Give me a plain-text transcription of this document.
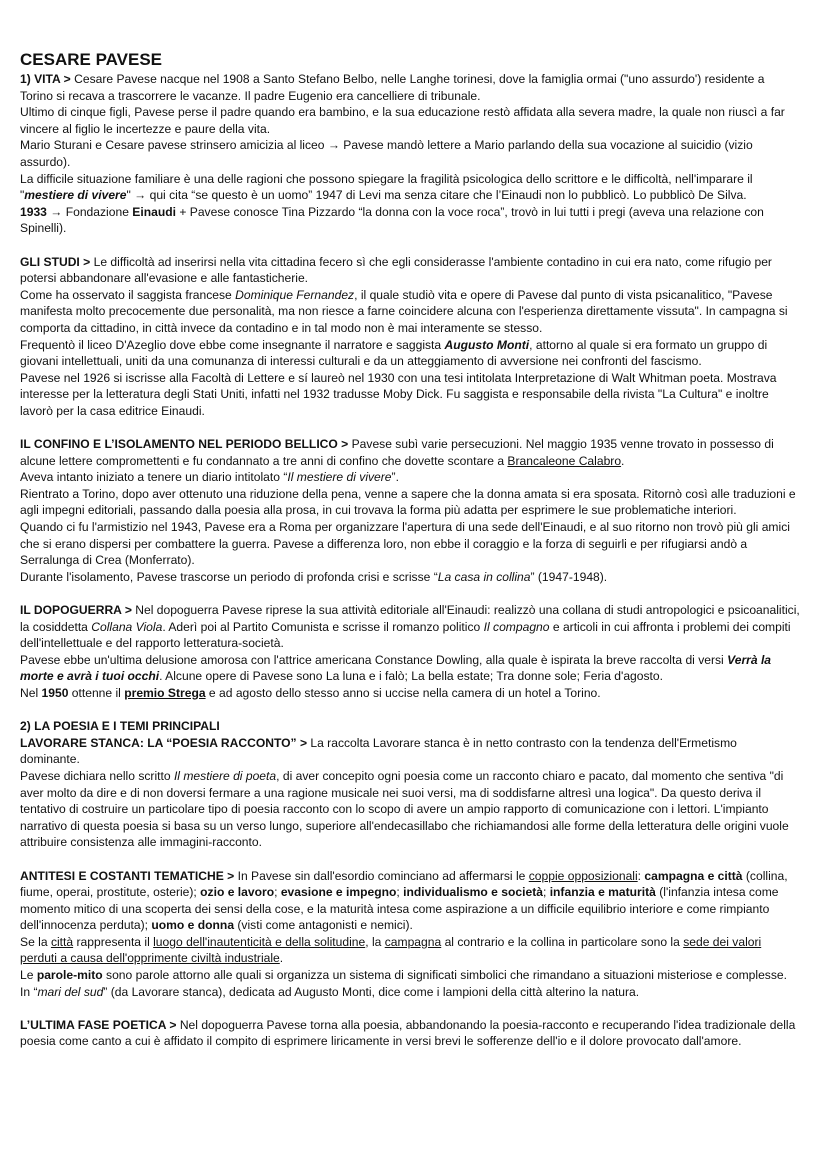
CESARE PAVESE

1) VITA > Cesare Pavese nacque nel 1908 a Santo Stefano Belbo, nelle Langhe torinesi, dove la famiglia ormai ("uno assurdo') residente a Torino si recava a trascorrere le vacanze. Il padre Eugenio era cancelliere di tribunale.

Ultimo di cinque figli, Pavese perse il padre quando era bambino, e la sua educazione restò affidata alla severa madre, la quale non riuscì a far vincere al figlio le incertezze e paure della vita.

Mario Sturani e Cesare pavese strinsero amicizia al liceo → Pavese mandò lettere a Mario parlando della sua vocazione al suicidio (vizio assurdo).

La difficile situazione familiare è una delle ragioni che possono spiegare la fragilità psicologica dello scrittore e le difficoltà, nell'imparare il "mestiere di vivere" → qui cita “se questo è un uomo” 1947 di Levi ma senza citare che l’Einaudi non lo pubblicò. Lo pubblicò De Silva.

1933 → Fondazione Einaudi + Pavese conosce Tina Pizzardo “la donna con la voce roca”, trovò in lui tutti i pregi (aveva una relazione con Spinelli).

GLI STUDI > Le difficoltà ad inserirsi nella vita cittadina fecero sì che egli considerasse l'ambiente contadino in cui era nato, come rifugio per potersi abbandonare all'evasione e alle fantasticherie.

Come ha osservato il saggista francese Dominique Fernandez, il quale studiò vita e opere di Pavese dal punto di vista psicanalitico, "Pavese manifesta molto precocemente due personalità, ma non riesce a farne coincidere alcuna con l'esperienza direttamente vissuta". In campagna si comporta da cittadino, in città invece da contadino e in tal modo non è mai interamente se stesso.

Frequentò il liceo D'Azeglio dove ebbe come insegnante il narratore e saggista Augusto Monti, attorno al quale si era formato un gruppo di giovani intellettuali, uniti da una comunanza di interessi culturali e da un atteggiamento di avversione nei confronti del fascismo.

Pavese nel 1926 si iscrisse alla Facoltà di Lettere e sí laureò nel 1930 con una tesi intitolata Interpretazione di Walt Whitman poeta. Mostrava interesse per la letteratura degli Stati Uniti, infatti nel 1932 tradusse Moby Dick. Fu saggista e responsabile della rivista "La Cultura" e inoltre lavorò per la casa editrice Einaudi.

IL CONFINO E L’ISOLAMENTO NEL PERIODO BELLICO > Pavese subì varie persecuzioni. Nel maggio 1935 venne trovato in possesso di alcune lettere compromettenti e fu condannato a tre anni di confino che dovette scontare a Brancaleone Calabro.

Aveva intanto iniziato a tenere un diario intitolato “Il mestiere di vivere”.

Rientrato a Torino, dopo aver ottenuto una riduzione della pena, venne a sapere che la donna amata si era sposata. Ritornò così alle traduzioni e agli impegni editoriali, passando dalla poesia alla prosa, in cui trovava la forma più adatta per esprimere le sue problematiche interiori.

Quando ci fu l'armistizio nel 1943, Pavese era a Roma per organizzare l'apertura di una sede dell'Einaudi, e al suo ritorno non trovò più gli amici che si erano dispersi per combattere la guerra. Pavese a differenza loro, non ebbe il coraggio e la forza di seguirli e per rifugiarsi andò a Serralunga di Crea (Monferrato).

Durante l'isolamento, Pavese trascorse un periodo di profonda crisi e scrisse “La casa in collina” (1947-1948).

IL DOPOGUERRA > Nel dopoguerra Pavese riprese la sua attività editoriale all'Einaudi: realizzò una collana di studi antropologici e psicoanalitici, la cosiddetta Collana Viola. Aderì poi al Partito Comunista e scrisse il romanzo politico Il compagno e articoli in cui affronta i problemi dei compiti dell'intellettuale e del rapporto letteratura-società.

Pavese ebbe un'ultima delusione amorosa con l'attrice americana Constance Dowling, alla quale è ispirata la breve raccolta di versi Verrà la morte e avrà i tuoi occhi. Alcune opere di Pavese sono La luna e i falò; La bella estate; Tra donne sole; Feria d'agosto.

Nel 1950 ottenne il premio Strega e ad agosto dello stesso anno si uccise nella camera di un hotel a Torino.

2) LA POESIA E I TEMI PRINCIPALI

LAVORARE STANCA: LA “POESIA RACCONTO” > La raccolta Lavorare stanca è in netto contrasto con la tendenza dell'Ermetismo dominante.

Pavese dichiara nello scritto Il mestiere di poeta, di aver concepito ogni poesia come un racconto chiaro e pacato, dal momento che sentiva "di aver molto da dire e di non doversi fermare a una ragione musicale nei suoi versi, ma di soddisfarne altresì una logica". Da questo deriva il tentativo di costruire un particolare tipo di poesia racconto con lo scopo di avere un ampio rapporto di comunicazione con i lettori. L'impianto narrativo di questa poesia si basa su un verso lungo, superiore all'endecasillabo che richiamandosi alle forme della letteratura delle origini vuole attribuire consistenza alle immagini-racconto.

ANTITESI E COSTANTI TEMATICHE > In Pavese sin dall'esordio cominciano ad affermarsi le coppie opposizionali: campagna e città (collina, fiume, operai, prostitute, osterie); ozio e lavoro; evasione e impegno; individualismo e società; infanzia e maturità (l'infanzia intesa come momento mitico di una scoperta dei sensi della cose, e la maturità intesa come aspirazione a un difficile equilibrio interiore e come rimpianto dell'innocenza perduta); uomo e donna (visti come antagonisti e nemici).

Se la città rappresenta il luogo dell'inautenticità e della solitudine, la campagna al contrario e la collina in particolare sono la sede dei valori perduti a causa dell'opprimente civiltà industriale.

Le parole-mito sono parole attorno alle quali si organizza un sistema di significati simbolici che rimandano a situazioni misteriose e complesse. In “mari del sud” (da Lavorare stanca), dedicata ad Augusto Monti, dice come i lampioni della città alterino la natura.

L’ULTIMA FASE POETICA > Nel dopoguerra Pavese torna alla poesia, abbandonando la poesia-racconto e recuperando l'idea tradizionale della poesia come canto a cui è affidato il compito di esprimere liricamente in versi brevi le sofferenze dell'io e il dolore provocato dall'amore.
